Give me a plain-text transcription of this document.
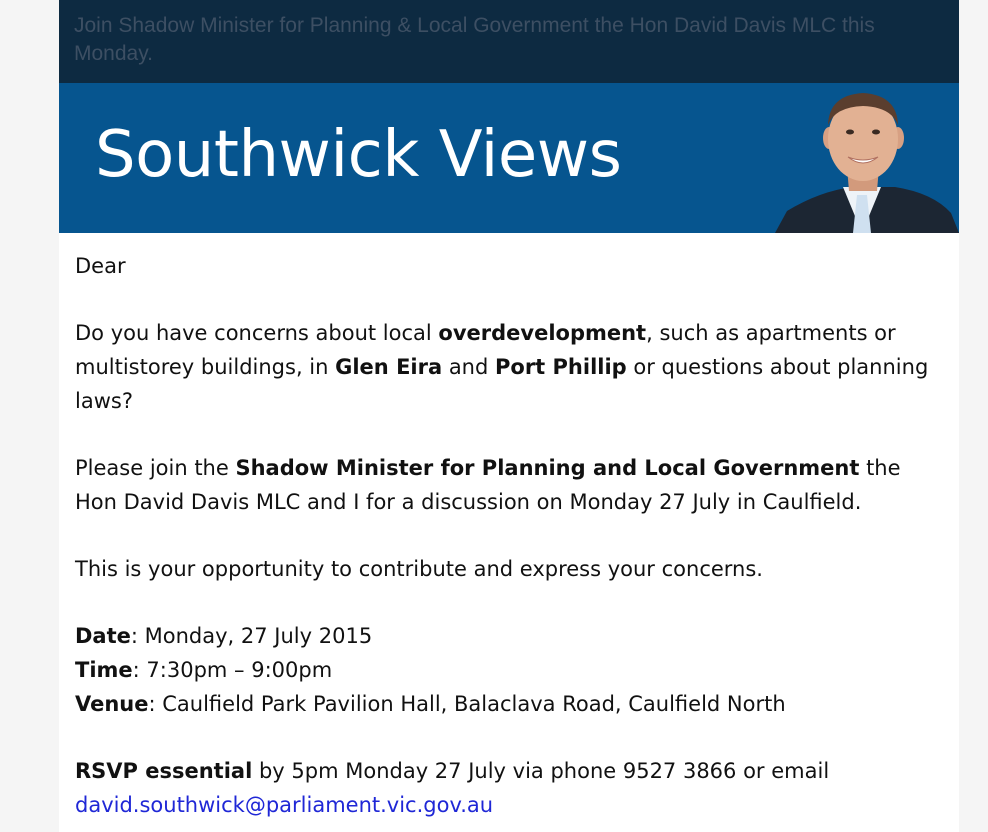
Join Shadow Minister for Planning & Local Government the Hon David Davis MLC this Monday.
Southwick Views

Dear

Do you have concerns about local overdevelopment, such as apartments or multistorey buildings, in Glen Eira and Port Phillip or questions about planning laws?

Please join the Shadow Minister for Planning and Local Government the Hon David Davis MLC and I for a discussion on Monday 27 July in Caulfield.

This is your opportunity to contribute and express your concerns.

Date: Monday, 27 July 2015

Time: 7:30pm – 9:00pm

Venue: Caulfield Park Pavilion Hall, Balaclava Road, Caulfield North

RSVP essential by 5pm Monday 27 July via phone 9527 3866 or email
david.southwick@parliament.vic.gov.au
